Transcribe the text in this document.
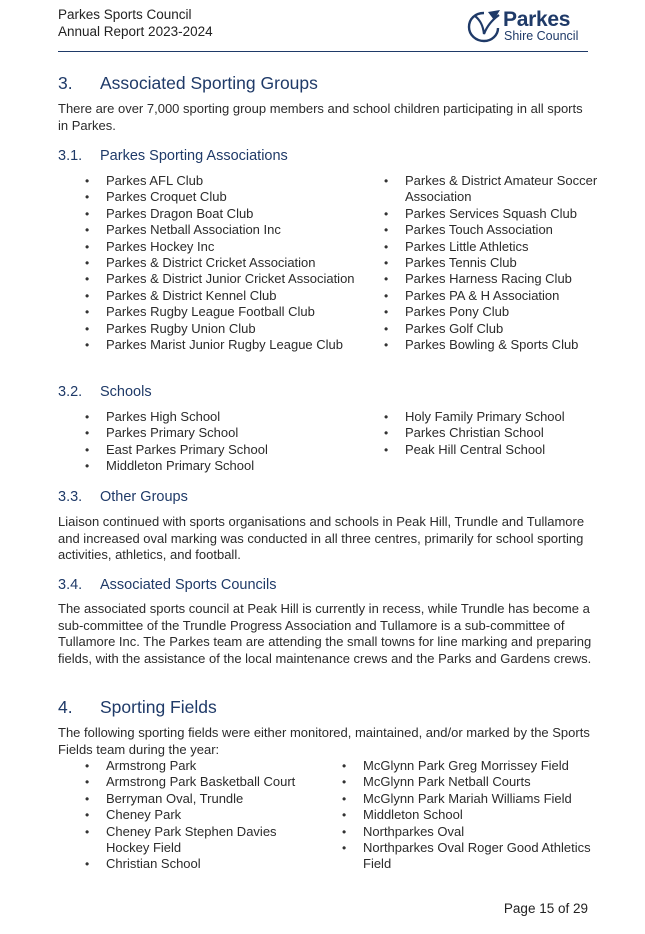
Parkes Sports Council
Annual Report 2023-2024
Parkes
Shire Council
3. Associated Sporting Groups
There are over 7,000 sporting group members and school children participating in all sports in Parkes.
3.1. Parkes Sporting Associations
• Parkes AFL Club
• Parkes Croquet Club
• Parkes Dragon Boat Club
• Parkes Netball Association Inc
• Parkes Hockey Inc
• Parkes & District Cricket Association
• Parkes & District Junior Cricket Association
• Parkes & District Kennel Club
• Parkes Rugby League Football Club
• Parkes Rugby Union Club
• Parkes Marist Junior Rugby League Club
• Parkes & District Amateur Soccer Association
• Parkes Services Squash Club
• Parkes Touch Association
• Parkes Little Athletics
• Parkes Tennis Club
• Parkes Harness Racing Club
• Parkes PA & H Association
• Parkes Pony Club
• Parkes Golf Club
• Parkes Bowling & Sports Club
3.2. Schools
• Parkes High School
• Parkes Primary School
• East Parkes Primary School
• Middleton Primary School
• Holy Family Primary School
• Parkes Christian School
• Peak Hill Central School
3.3. Other Groups
Liaison continued with sports organisations and schools in Peak Hill, Trundle and Tullamore and increased oval marking was conducted in all three centres, primarily for school sporting activities, athletics, and football.
3.4. Associated Sports Councils
The associated sports council at Peak Hill is currently in recess, while Trundle has become a sub-committee of the Trundle Progress Association and Tullamore is a sub-committee of Tullamore Inc. The Parkes team are attending the small towns for line marking and preparing fields, with the assistance of the local maintenance crews and the Parks and Gardens crews.
4. Sporting Fields
The following sporting fields were either monitored, maintained, and/or marked by the Sports Fields team during the year:
• Armstrong Park
• Armstrong Park Basketball Court
• Berryman Oval, Trundle
• Cheney Park
• Cheney Park Stephen Davies Hockey Field
• Christian School
• McGlynn Park Greg Morrissey Field
• McGlynn Park Netball Courts
• McGlynn Park Mariah Williams Field
• Middleton School
• Northparkes Oval
• Northparkes Oval Roger Good Athletics Field
Page 15 of 29
